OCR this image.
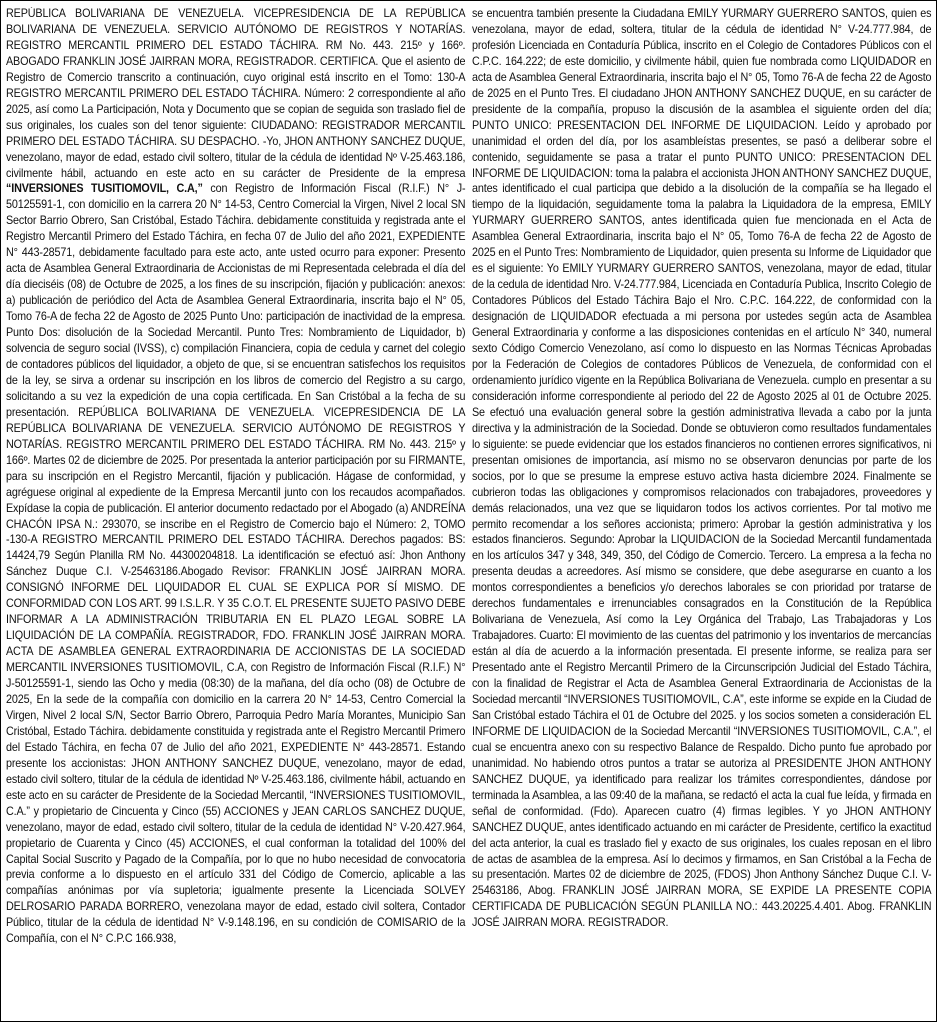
REPÚBLICA BOLIVARIANA DE VENEZUELA. VICEPRESIDENCIA DE LA REPÚBLICA BOLIVARIANA DE VENEZUELA. SERVICIO AUTÓNOMO DE REGISTROS Y NOTARÍAS. REGISTRO MERCANTIL PRIMERO DEL ESTADO TÁCHIRA. RM No. 443. 215º y 166º. ABOGADO FRANKLIN JOSÉ JAIRRAN MORA, REGISTRADOR. CERTIFICA. Que el asiento de Registro de Comercio transcrito a continuación, cuyo original está inscrito en el Tomo: 130-A REGISTRO MERCANTIL PRIMERO DEL ESTADO TÁCHIRA. Número: 2 correspondiente al año 2025, así como La Participación, Nota y Documento que se copian de seguida son traslado fiel de sus originales, los cuales son del tenor siguiente: CIUDADANO: REGISTRADOR MERCANTIL PRIMERO DEL ESTADO TÁCHIRA. SU DESPACHO. -Yo, JHON ANTHONY SANCHEZ DUQUE, venezolano, mayor de edad, estado civil soltero, titular de la cédula de identidad Nº V-25.463.186, civilmente hábil, actuando en este acto en su carácter de Presidente de la empresa “INVERSIONES TUSITIOMOVIL, C.A,” con Registro de Información Fiscal (R.I.F.) N° J-50125591-1, con domicilio en la carrera 20 N° 14-53, Centro Comercial la Virgen, Nivel 2 local SN Sector Barrio Obrero, San Cristóbal, Estado Táchira. debidamente constituida y registrada ante el Registro Mercantil Primero del Estado Táchira, en fecha 07 de Julio del año 2021, EXPEDIENTE N° 443-28571, debidamente facultado para este acto, ante usted ocurro para exponer: Presento acta de Asamblea General Extraordinaria de Accionistas de mi Representada celebrada el día del día dieciséis (08) de Octubre de 2025, a los fines de su inscripción, fijación y publicación: anexos: a) publicación de periódico del Acta de Asamblea General Extraordinaria, inscrita bajo el N° 05, Tomo 76-A de fecha 22 de Agosto de 2025 Punto Uno: participación de inactividad de la empresa. Punto Dos: disolución de la Sociedad Mercantil. Punto Tres: Nombramiento de Liquidador, b) solvencia de seguro social (IVSS), c) compilación Financiera, copia de cedula y carnet del colegio de contadores públicos del liquidador, a objeto de que, si se encuentran satisfechos los requisitos de la ley, se sirva a ordenar su inscripción en los libros de comercio del Registro a su cargo, solicitando a su vez la expedición de una copia certificada. En San Cristóbal a la fecha de su presentación. REPÚBLICA BOLIVARIANA DE VENEZUELA. VICEPRESIDENCIA DE LA REPÚBLICA BOLIVARIANA DE VENEZUELA. SERVICIO AUTÓNOMO DE REGISTROS Y NOTARÍAS. REGISTRO MERCANTIL PRIMERO DEL ESTADO TÁCHIRA. RM No. 443. 215º y 166º. Martes 02 de diciembre de 2025. Por presentada la anterior participación por su FIRMANTE, para su inscripción en el Registro Mercantil, fijación y publicación. Hágase de conformidad, y agréguese original al expediente de la Empresa Mercantil junto con los recaudos acompañados. Expídase la copia de publicación. El anterior documento redactado por el Abogado (a) ANDREÍNA CHACÓN IPSA N.: 293070, se inscribe en el Registro de Comercio bajo el Número: 2, TOMO -130-A REGISTRO MERCANTIL PRIMERO DEL ESTADO TÁCHIRA. Derechos pagados: BS: 14424,79 Según Planilla RM No. 44300204818. La identificación se efectuó así: Jhon Anthony Sánchez Duque C.I. V-25463186.Abogado Revisor: FRANKLIN JOSÉ JAIRRAN MORA. CONSIGNÓ INFORME DEL LIQUIDADOR EL CUAL SE EXPLICA POR SÍ MISMO. DE CONFORMIDAD CON LOS ART. 99 I.S.L.R. Y 35 C.O.T. EL PRESENTE SUJETO PASIVO DEBE INFORMAR A LA ADMINISTRACIÓN TRIBUTARIA EN EL PLAZO LEGAL SOBRE LA LIQUIDACIÓN DE LA COMPAÑÍA. REGISTRADOR, FDO. FRANKLIN JOSÉ JAIRRAN MORA. ACTA DE ASAMBLEA GENERAL EXTRAORDINARIA DE ACCIONISTAS DE LA SOCIEDAD MERCANTIL INVERSIONES TUSITIOMOVIL, C.A, con Registro de Información Fiscal (R.I.F.) N° J-50125591-1, siendo las Ocho y media (08:30) de la mañana, del día ocho (08) de Octubre de 2025, En la sede de la compañía con domicilio en la carrera 20 N° 14-53, Centro Comercial la Virgen, Nivel 2 local S/N, Sector Barrio Obrero, Parroquia Pedro María Morantes, Municipio San Cristóbal, Estado Táchira. debidamente constituida y registrada ante el Registro Mercantil Primero del Estado Táchira, en fecha 07 de Julio del año 2021, EXPEDIENTE N° 443-28571. Estando presente los accionistas: JHON ANTHONY SANCHEZ DUQUE, venezolano, mayor de edad, estado civil soltero, titular de la cédula de identidad Nº V-25.463.186, civilmente hábil, actuando en este acto en su carácter de Presidente de la Sociedad Mercantil, “INVERSIONES TUSITIOMOVIL, C.A.” y propietario de Cincuenta y Cinco (55) ACCIONES y JEAN CARLOS SANCHEZ DUQUE, venezolano, mayor de edad, estado civil soltero, titular de la cedula de identidad N° V-20.427.964, propietario de Cuarenta y Cinco (45) ACCIONES, el cual conforman la totalidad del 100% del Capital Social Suscrito y Pagado de la Compañía, por lo que no hubo necesidad de convocatoria previa conforme a lo dispuesto en el artículo 331 del Código de Comercio, aplicable a las compañías anónimas por vía supletoria; igualmente presente la Licenciada SOLVEY DELROSARIO PARADA BORRERO, venezolana mayor de edad, estado civil soltera, Contador Público, titular de la cédula de identidad N° V-9.148.196, en su condición de COMISARIO de la Compañía, con el N° C.P.C 166.938,
se encuentra también presente la Ciudadana EMILY YURMARY GUERRERO SANTOS, quien es venezolana, mayor de edad, soltera, titular de la cédula de identidad N° V-24.777.984, de profesión Licenciada en Contaduría Pública, inscrito en el Colegio de Contadores Públicos con el C.P.C. 164.222; de este domicilio, y civilmente hábil, quien fue nombrada como LIQUIDADOR en acta de Asamblea General Extraordinaria, inscrita bajo el N° 05, Tomo 76-A de fecha 22 de Agosto de 2025 en el Punto Tres. El ciudadano JHON ANTHONY SANCHEZ DUQUE, en su carácter de presidente de la compañía, propuso la discusión de la asamblea el siguiente orden del día; PUNTO UNICO: PRESENTACION DEL INFORME DE LIQUIDACION. Leído y aprobado por unanimidad el orden del día, por los asambleístas presentes, se pasó a deliberar sobre el contenido, seguidamente se pasa a tratar el punto PUNTO UNICO: PRESENTACION DEL INFORME DE LIQUIDACION: toma la palabra el accionista JHON ANTHONY SANCHEZ DUQUE, antes identificado el cual participa que debido a la disolución de la compañía se ha llegado el tiempo de la liquidación, seguidamente toma la palabra la Liquidadora de la empresa, EMILY YURMARY GUERRERO SANTOS, antes identificada quien fue mencionada en el Acta de Asamblea General Extraordinaria, inscrita bajo el N° 05, Tomo 76-A de fecha 22 de Agosto de 2025 en el Punto Tres: Nombramiento de Liquidador, quien presenta su Informe de Liquidador que es el siguiente: Yo EMILY YURMARY GUERRERO SANTOS, venezolana, mayor de edad, titular de la cedula de identidad Nro. V-24.777.984, Licenciada en Contaduría Publica, Inscrito Colegio de Contadores Públicos del Estado Táchira Bajo el Nro. C.P.C. 164.222, de conformidad con la designación de LIQUIDADOR efectuada a mi persona por ustedes según acta de Asamblea General Extraordinaria y conforme a las disposiciones contenidas en el artículo N° 340, numeral sexto Código Comercio Venezolano, así como lo dispuesto en las Normas Técnicas Aprobadas por la Federación de Colegios de contadores Públicos de Venezuela, de conformidad con el ordenamiento jurídico vigente en la República Bolivariana de Venezuela. cumplo en presentar a su consideración informe correspondiente al periodo del 22 de Agosto 2025 al 01 de Octubre 2025. Se efectuó una evaluación general sobre la gestión administrativa llevada a cabo por la junta directiva y la administración de la Sociedad. Donde se obtuvieron como resultados fundamentales lo siguiente: se puede evidenciar que los estados financieros no contienen errores significativos, ni presentan omisiones de importancia, así mismo no se observaron denuncias por parte de los socios, por lo que se presume la emprese estuvo activa hasta diciembre 2024. Finalmente se cubrieron todas las obligaciones y compromisos relacionados con trabajadores, proveedores y demás relacionados, una vez que se liquidaron todos los activos corrientes. Por tal motivo me permito recomendar a los señores accionista; primero: Aprobar la gestión administrativa y los estados financieros. Segundo: Aprobar la LIQUIDACION de la Sociedad Mercantil fundamentada en los artículos 347 y 348, 349, 350, del Código de Comercio. Tercero. La empresa a la fecha no presenta deudas a acreedores. Así mismo se considere, que debe asegurarse en cuanto a los montos correspondientes a beneficios y/o derechos laborales se con prioridad por tratarse de derechos fundamentales e irrenunciables consagrados en la Constitución de la República Bolivariana de Venezuela, Así como la Ley Orgánica del Trabajo, Las Trabajadoras y Los Trabajadores. Cuarto: El movimiento de las cuentas del patrimonio y los inventarios de mercancías están al día de acuerdo a la información presentada. El presente informe, se realiza para ser Presentado ante el Registro Mercantil Primero de la Circunscripción Judicial del Estado Táchira, con la finalidad de Registrar el Acta de Asamblea General Extraordinaria de Accionistas de la Sociedad mercantil “INVERSIONES TUSITIOMOVIL, C.A”, este informe se expide en la Ciudad de San Cristóbal estado Táchira el 01 de Octubre del 2025. y los socios someten a consideración EL INFORME DE LIQUIDACION de la Sociedad Mercantil “INVERSIONES TUSITIOMOVIL, C.A.”, el cual se encuentra anexo con su respectivo Balance de Respaldo. Dicho punto fue aprobado por unanimidad. No habiendo otros puntos a tratar se autoriza al PRESIDENTE JHON ANTHONY SANCHEZ DUQUE, ya identificado para realizar los trámites correspondientes, dándose por terminada la Asamblea, a las 09:40 de la mañana, se redactó el acta la cual fue leída, y firmada en señal de conformidad. (Fdo). Aparecen cuatro (4) firmas legibles. Y yo JHON ANTHONY SANCHEZ DUQUE, antes identificado actuando en mi carácter de Presidente, certifico la exactitud del acta anterior, la cual es traslado fiel y exacto de sus originales, los cuales reposan en el libro de actas de asamblea de la empresa. Así lo decimos y firmamos, en San Cristóbal a la Fecha de su presentación. Martes 02 de diciembre de 2025, (FDOS) Jhon Anthony Sánchez Duque C.I. V-25463186, Abog. FRANKLIN JOSÉ JAIRRAN MORA, SE EXPIDE LA PRESENTE COPIA CERTIFICADA DE PUBLICACIÓN SEGÚN PLANILLA NO.: 443.20225.4.401. Abog. FRANKLIN JOSÉ JAIRRAN MORA. REGISTRADOR.
